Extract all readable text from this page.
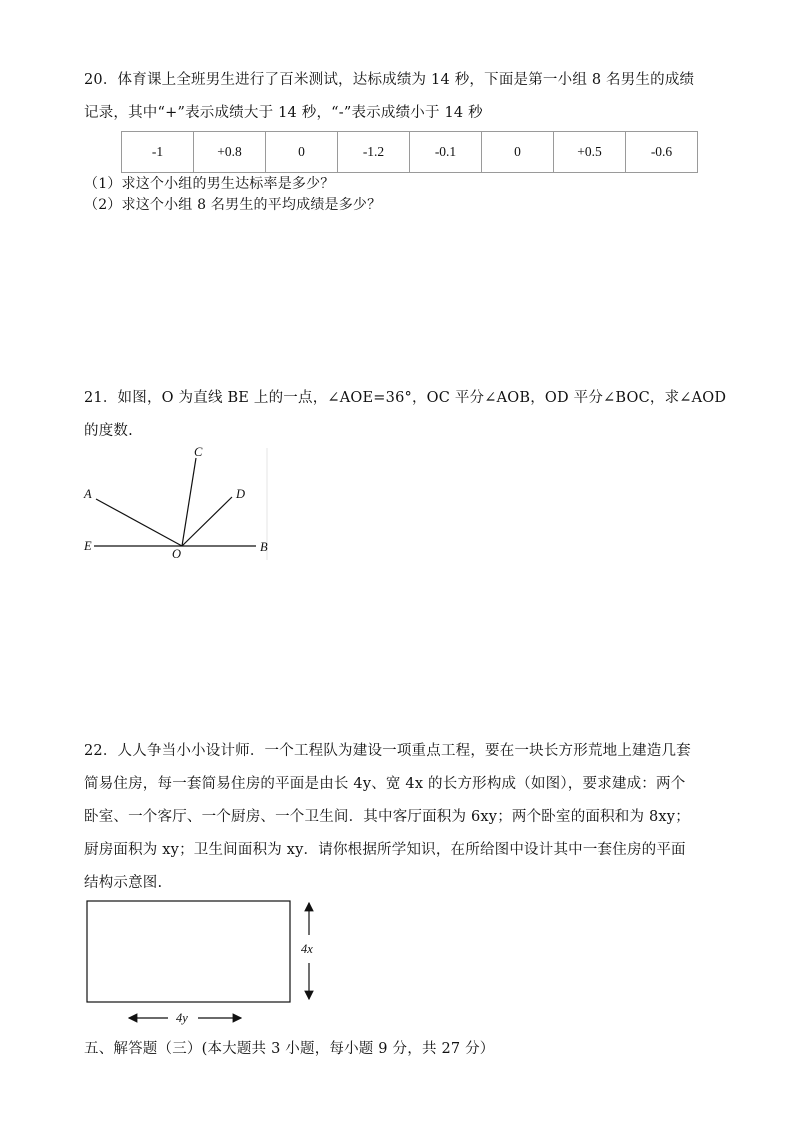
20．体育课上全班男生进行了百米测试，达标成绩为 14 秒，下面是第一小组 8 名男生的成绩
记录，其中“+”表示成绩大于 14 秒，“-”表示成绩小于 14 秒
-1	+0.8	0	-1.2	-0.1	0	+0.5	-0.6
（1）求这个小组的男生达标率是多少？
（2）求这个小组 8 名男生的平均成绩是多少？
21．如图，O 为直线 BE 上的一点，∠AOE=36°，OC 平分∠AOB，OD 平分∠BOC，求∠AOD
的度数.
A
C
D
E
O	B
22．人人争当小小设计师．一个工程队为建设一项重点工程，要在一块长方形荒地上建造几套
简易住房，每一套简易住房的平面是由长 4y、宽 4x 的长方形构成（如图），要求建成：两个
卧室、一个客厅、一个厨房、一个卫生间．其中客厅面积为 6xy；两个卧室的面积和为 8xy；
厨房面积为 xy；卫生间面积为 xy．请你根据所学知识，在所给图中设计其中一套住房的平面
结构示意图.
4x
4y
五、解答题（三）(本大题共 3 小题，每小题 9 分，共 27 分）
